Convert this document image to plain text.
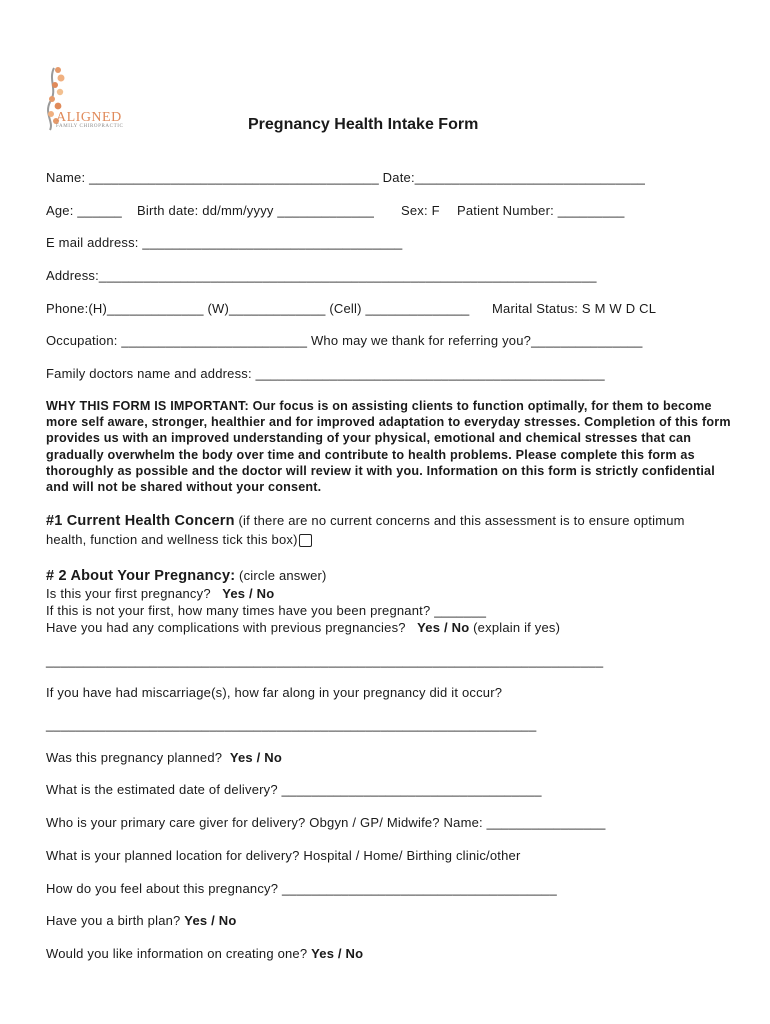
ALIGNED
FAMILY CHIROPRACTIC	Pregnancy Health Intake Form
Name: _______________________________________ Date:_______________________________
Age: ______ Birth date: dd/mm/yyyy _____________ Sex: F Patient Number: _________
E mail address: ___________________________________
Address:___________________________________________________________________
Phone:(H)_____________ (W)_____________ (Cell) ______________ Marital Status: S M W D CL
Occupation: _________________________ Who may we thank for referring you?_______________
Family doctors name and address: _______________________________________________
WHY THIS FORM IS IMPORTANT: Our focus is on assisting clients to function optimally, for them to become more self aware, stronger, healthier and for improved adaptation to everyday stresses. Completion of this form provides us with an improved understanding of your physical, emotional and chemical stresses that can gradually overwhelm the body over time and contribute to health problems. Please complete this form as thoroughly as possible and the doctor will review it with you. Information on this form is strictly confidential and will not be shared without your consent.
#1 Current Health Concern (if there are no current concerns and this assessment is to ensure optimum
health, function and wellness tick this box)
# 2 About Your Pregnancy: (circle answer)
Is this your first pregnancy? Yes / No
If this is not your first, how many times have you been pregnant? _______
Have you had any complications with previous pregnancies? Yes / No (explain if yes)
___________________________________________________________________________
If you have had miscarriage(s), how far along in your pregnancy did it occur?
__________________________________________________________________
Was this pregnancy planned? Yes / No
What is the estimated date of delivery? ___________________________________
Who is your primary care giver for delivery? Obgyn / GP/ Midwife? Name: ________________
What is your planned location for delivery? Hospital / Home/ Birthing clinic/other
How do you feel about this pregnancy? _____________________________________
Have you a birth plan? Yes / No
Would you like information on creating one? Yes / No
